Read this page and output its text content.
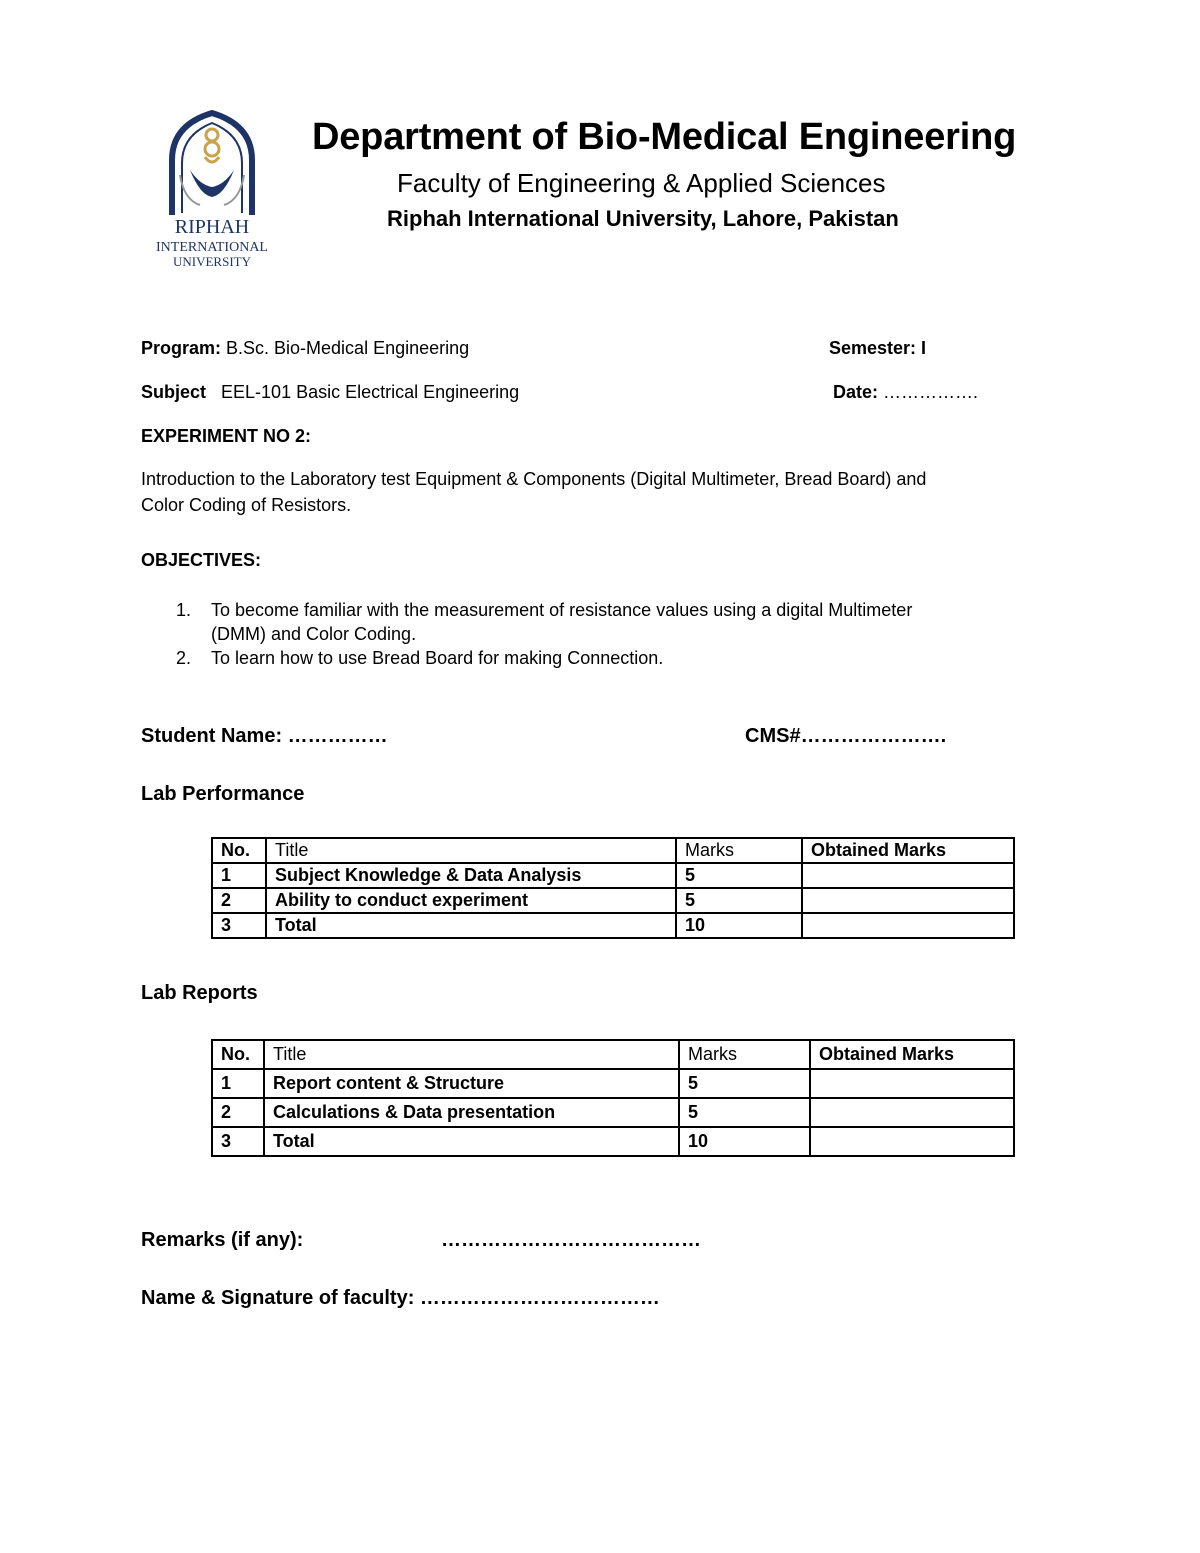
RIPHAH
INTERNATIONAL
UNIVERSITY
Department of Bio-Medical Engineering
Faculty of Engineering & Applied Sciences
Riphah International University, Lahore, Pakistan
Program: B.Sc. Bio-Medical Engineering	Semester: I
Subject EEL-101 Basic Electrical Engineering	Date: …………….
EXPERIMENT NO 2:
Introduction to the Laboratory test Equipment & Components (Digital Multimeter, Bread Board) and
Color Coding of Resistors.
OBJECTIVES:
1. To become familiar with the measurement of resistance values using a digital Multimeter
(DMM) and Color Coding.
2. To learn how to use Bread Board for making Connection.
Student Name: ……………	CMS#………………….
Lab Performance
No.	Title	Marks	Obtained Marks
1	Subject Knowledge & Data Analysis	5	
2	Ability to conduct experiment	5	
3	Total	10	
Lab Reports
No.	Title	Marks	Obtained Marks
1	Report content & Structure	5	
2	Calculations & Data presentation	5	
3	Total	10	
Remarks (if any):	…………………………………
Name & Signature of faculty: ………………………………
